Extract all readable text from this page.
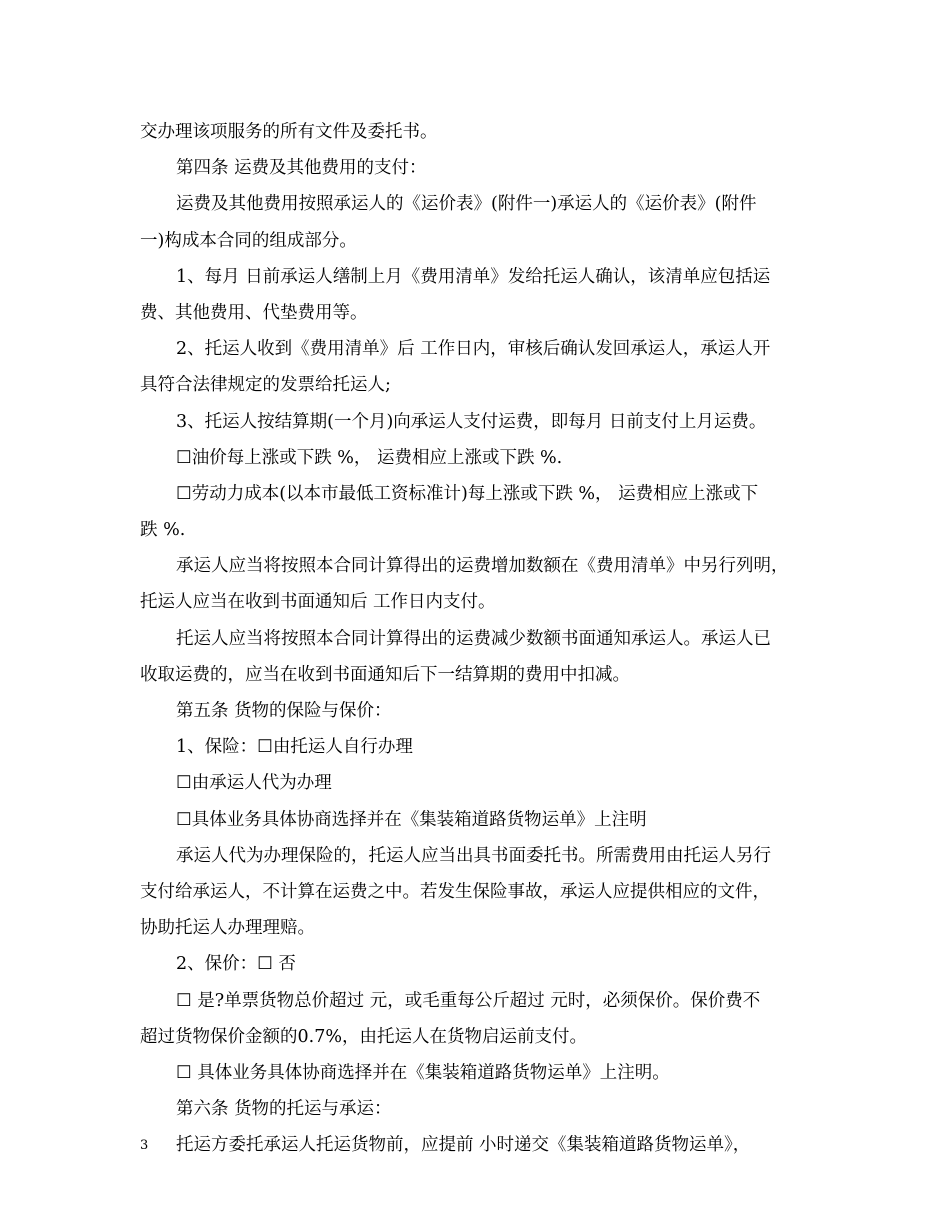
交办理该项服务的所有文件及委托书。
第四条 运费及其他费用的支付：
运费及其他费用按照承运人的《运价表》(附件一)承运人的《运价表》(附件
一)构成本合同的组成部分。
1、每月 日前承运人缮制上月《费用清单》发给托运人确认，该清单应包括运
费、其他费用、代垫费用等。
2、托运人收到《费用清单》后 工作日内，审核后确认发回承运人，承运人开
具符合法律规定的发票给托运人;
3、托运人按结算期(一个月)向承运人支付运费，即每月 日前支付上月运费。
☐油价每上涨或下跌 %， 运费相应上涨或下跌 %.
☐劳动力成本(以本市最低工资标准计)每上涨或下跌 %， 运费相应上涨或下
跌 %.
承运人应当将按照本合同计算得出的运费增加数额在《费用清单》中另行列明，
托运人应当在收到书面通知后 工作日内支付。
托运人应当将按照本合同计算得出的运费减少数额书面通知承运人。承运人已
收取运费的，应当在收到书面通知后下一结算期的费用中扣减。
第五条 货物的保险与保价：
1、保险：☐由托运人自行办理
☐由承运人代为办理
☐具体业务具体协商选择并在《集装箱道路货物运单》上注明
承运人代为办理保险的，托运人应当出具书面委托书。所需费用由托运人另行
支付给承运人，不计算在运费之中。若发生保险事故，承运人应提供相应的文件，
协助托运人办理理赔。
2、保价：☐ 否
☐ 是?单票货物总价超过 元，或毛重每公斤超过 元时，必须保价。保价费不
超过货物保价金额的0.7%，由托运人在货物启运前支付。
☐ 具体业务具体协商选择并在《集装箱道路货物运单》上注明。
第六条 货物的托运与承运：
托运方委托承运人托运货物前，应提前 小时递交《集装箱道路货物运单》，
3
